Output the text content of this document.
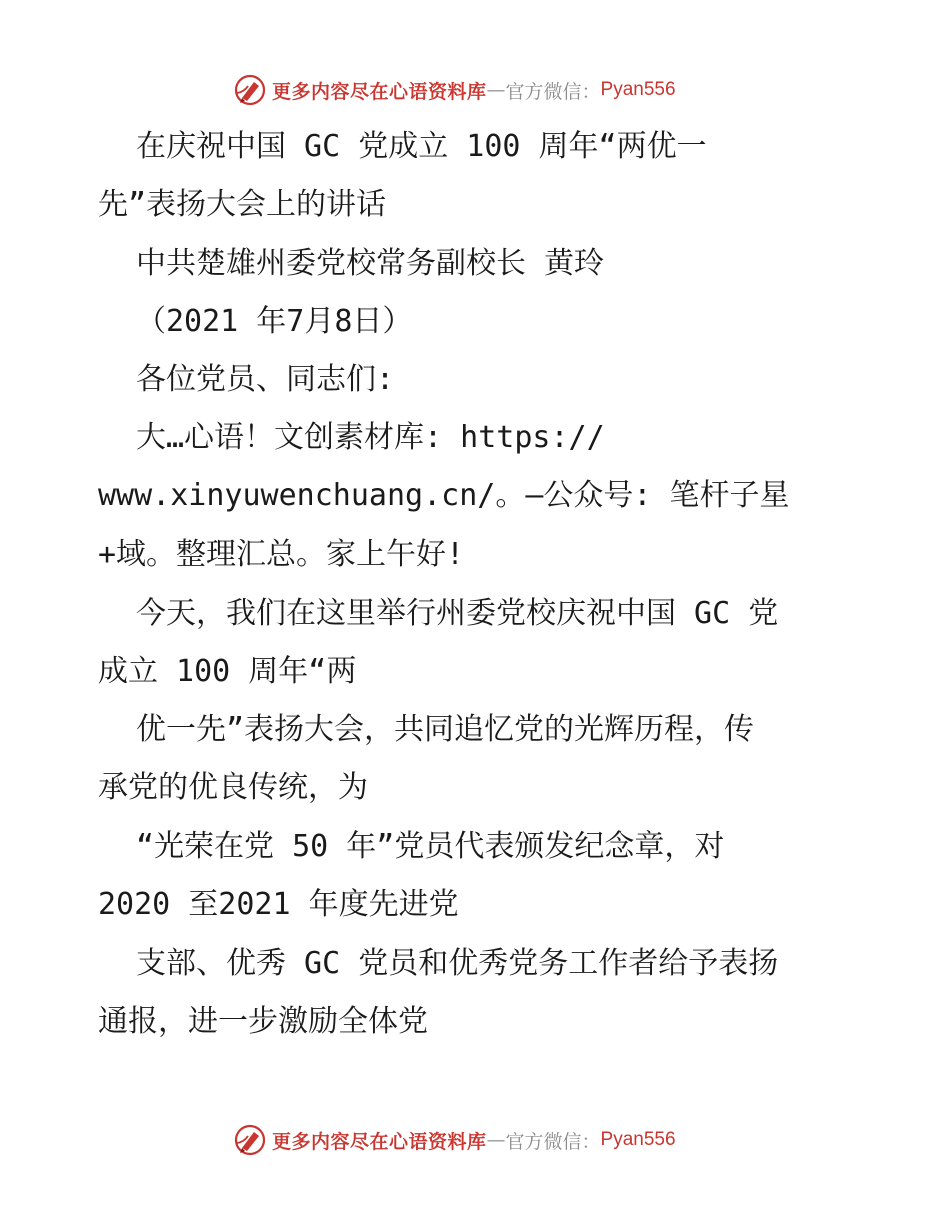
更多内容尽在心语资料库 — 官方微信： Pyan556
在庆祝中国 GC 党成立 100 周年“两优一
先”表扬大会上的讲话
中共楚雄州委党校常务副校长 黄玲
（2021 年7月8日）
各位党员、同志们:
大…心语！文创素材库: https://
www.xinyuwenchuang.cn/。—公众号: 笔杆子星
+域。整理汇总。家上午好!
今天，我们在这里举行州委党校庆祝中国 GC 党
成立 100 周年“两
优一先”表扬大会，共同追忆党的光辉历程，传
承党的优良传统，为
“光荣在党 50 年”党员代表颁发纪念章，对
2020 至2021 年度先进党
支部、优秀 GC 党员和优秀党务工作者给予表扬
通报，进一步激励全体党
更多内容尽在心语资料库 — 官方微信： Pyan556
